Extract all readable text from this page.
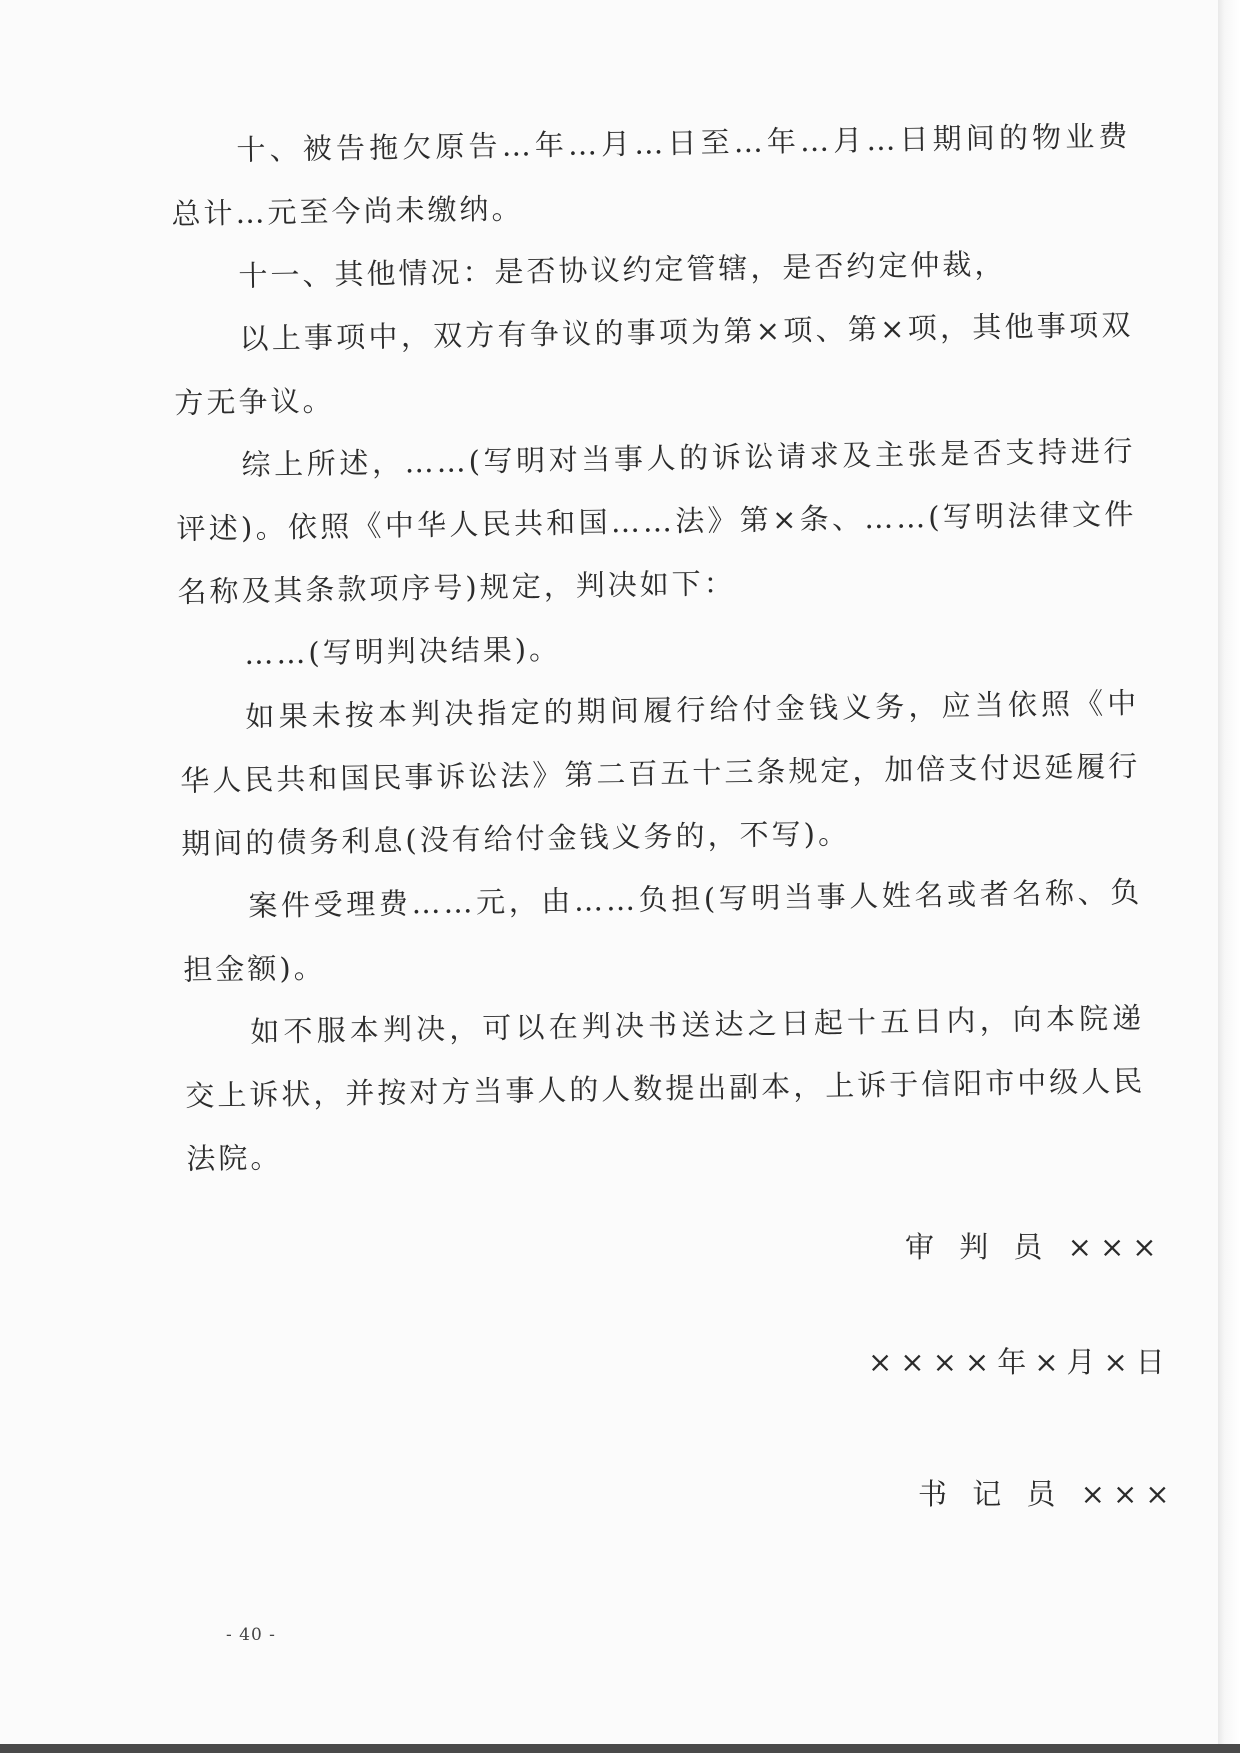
十、被告拖欠原告…年…月…日至…年…月…日期间的物业费总计…元至今尚未缴纳。

十一、其他情况：是否协议约定管辖，是否约定仲裁，

以上事项中，双方有争议的事项为第×项、第×项，其他事项双方无争议。

综上所述，……(写明对当事人的诉讼请求及主张是否支持进行评述)。依照《中华人民共和国……法》第×条、……(写明法律文件名称及其条款项序号)规定，判决如下：

……(写明判决结果)。

如果未按本判决指定的期间履行给付金钱义务，应当依照《中华人民共和国民事诉讼法》第二百五十三条规定，加倍支付迟延履行期间的债务利息(没有给付金钱义务的，不写)。

案件受理费……元，由……负担(写明当事人姓名或者名称、负担金额)。

如不服本判决，可以在判决书送达之日起十五日内，向本院递交上诉状，并按对方当事人的人数提出副本，上诉于信阳市中级人民法院。

审 判 员 ×××
××××年×月×日
书 记 员 ×××
- 40 -
